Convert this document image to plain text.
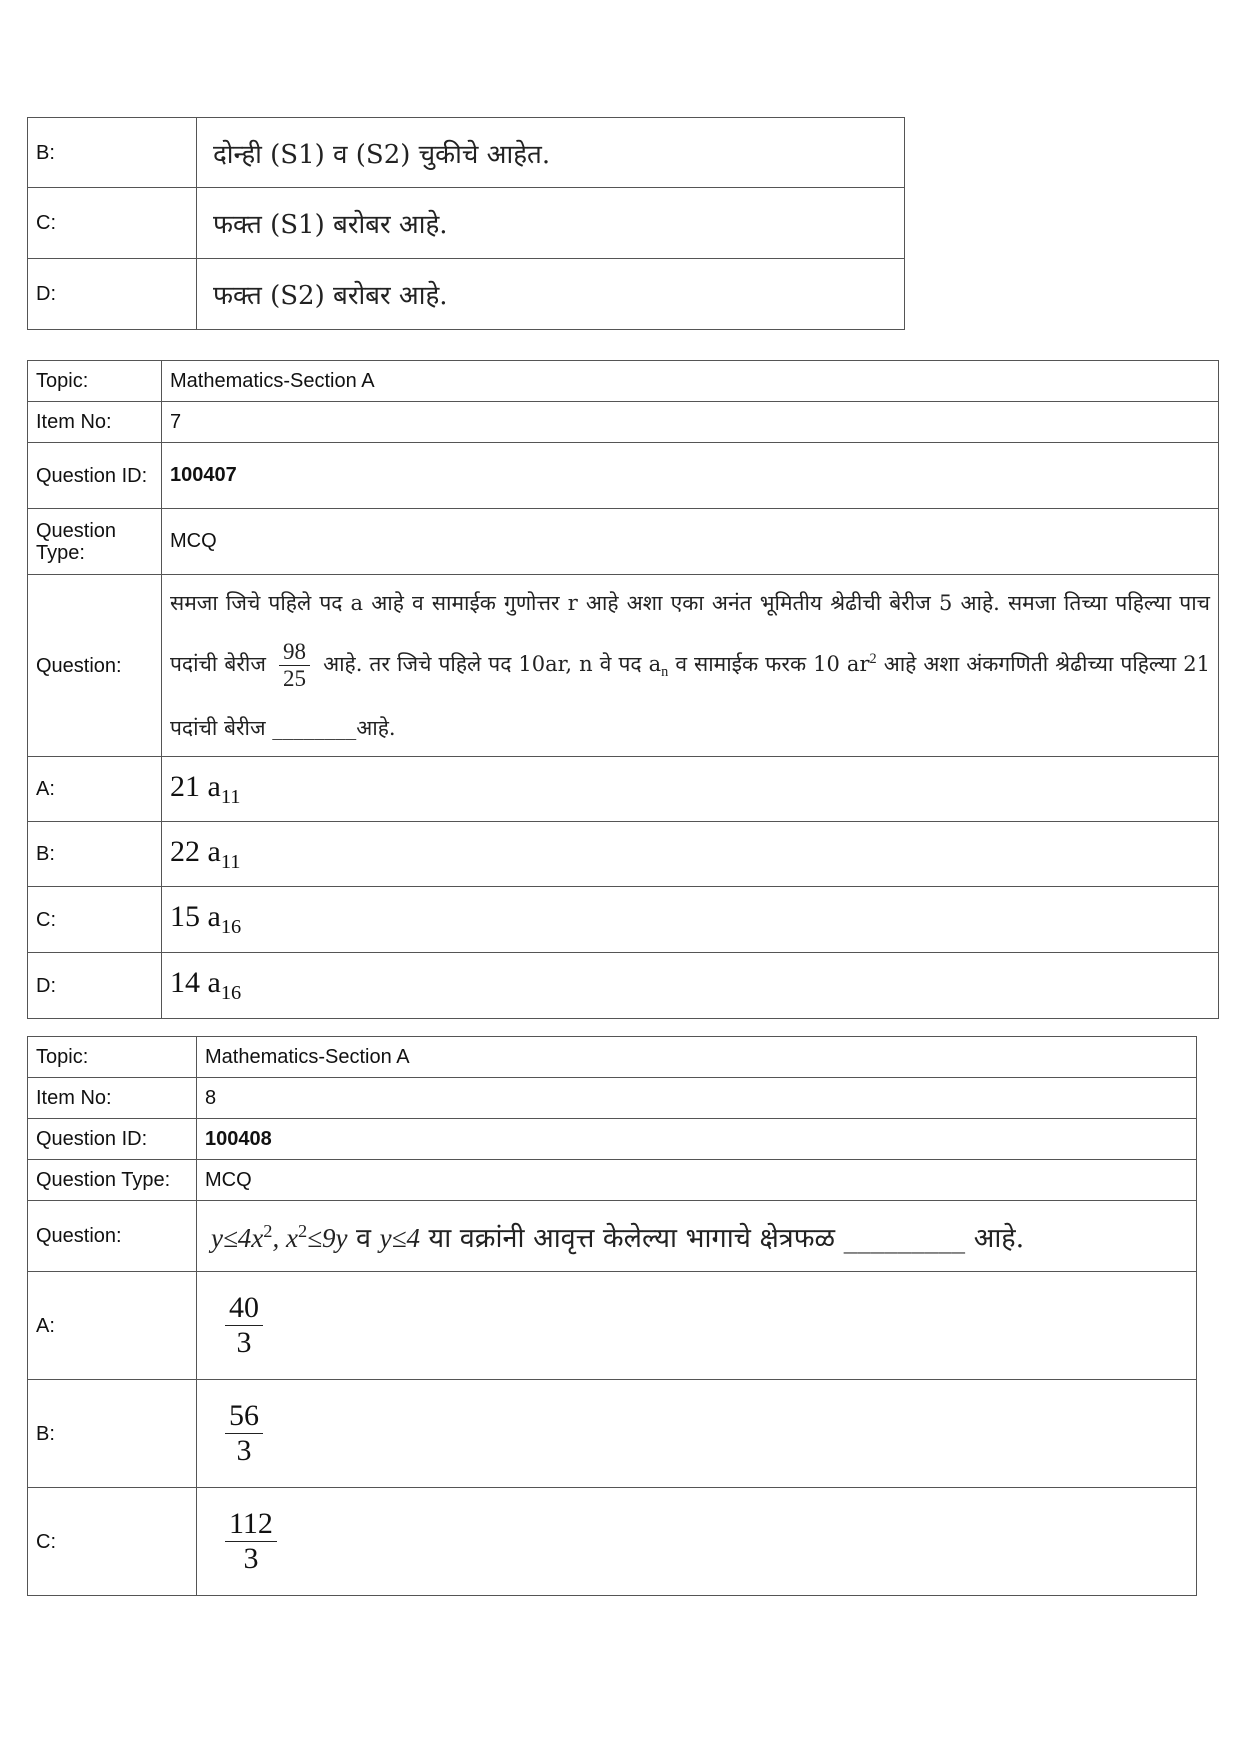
B:	दोन्ही (S1) व (S2) चुकीचे आहेत.
C:	फक्त (S1) बरोबर आहे.
D:	फक्त (S2) बरोबर आहे.
Topic:	Mathematics-Section A
Item No:	7
Question ID:	100407
Question Type:	MCQ
Question:	समजा जिचे पहिले पद a आहे व सामाईक गुणोत्तर r आहे अशा एका अनंत भूमितीय श्रेढीची बेरीज 5 आहे. समजा तिच्या पहिल्या पाच पदांची बेरीज $\frac{98}{25}$ आहे. तर जिचे पहिले पद 10ar, n वे पद $a_n$ व सामाईक फरक 10 $ar^2$ आहे अशा अंकगणिती श्रेढीच्या पहिल्या 21 पदांची बेरीज ________आहे.
A:	21 $a_{11}$
B:	22 $a_{11}$
C:	15 $a_{16}$
D:	14 $a_{16}$
Topic:	Mathematics-Section A
Item No:	8
Question ID:	100408
Question Type:	MCQ
Question:	$y\le 4x^2$, $x^2\le 9y$ व y≤4 या वक्रांनी आवृत्त केलेल्या भागाचे क्षेत्रफळ _________ आहे.
A:	$\frac{40}{3}$

B:	$\frac{56}{3}$

C:	$\frac{112}{3}$
